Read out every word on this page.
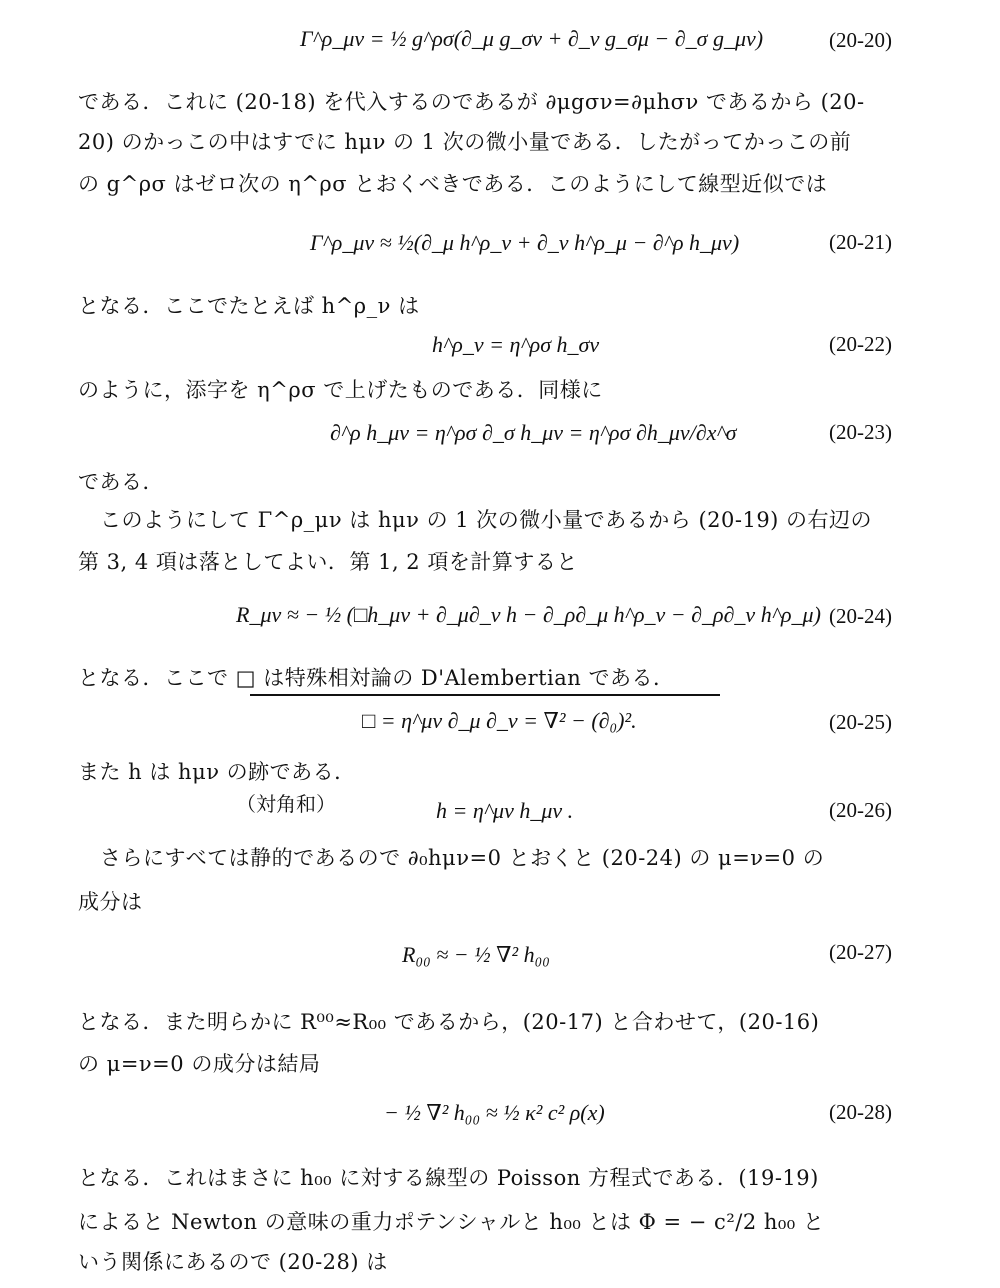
Γ^ρ_μν = ½ g^ρσ(∂_μ g_σν + ∂_ν g_σμ − ∂_σ g_μν)	(20-20)
である．これに (20-18) を代入するのであるが ∂μgσν=∂μhσν であるから (20-
20) のかっこの中はすでに hμν の 1 次の微小量である．したがってかっこの前
の g^ρσ はゼロ次の η^ρσ とおくべきである．このようにして線型近似では
Γ^ρ_μν ≈ ½(∂_μ h^ρ_ν + ∂_ν h^ρ_μ − ∂^ρ h_μν)	(20-21)
となる．ここでたとえば h^ρ_ν は
h^ρ_ν = η^ρσ h_σν	(20-22)
のように，添字を η^ρσ で上げたものである．同様に
∂^ρ h_μν = η^ρσ ∂_σ h_μν = η^ρσ ∂h_μν/∂x^σ	(20-23)
である．
このようにして Γ^ρ_μν は hμν の 1 次の微小量であるから (20-19) の右辺の
第 3, 4 項は落としてよい．第 1, 2 項を計算すると
R_μν ≈ − ½ (□h_μν + ∂_μ∂_ν h − ∂_ρ∂_μ h^ρ_ν − ∂_ρ∂_ν h^ρ_μ) (20-24)
となる．ここで □ は特殊相対論の D'Alembertian である．
□ = η^μν ∂_μ ∂_ν = ∇² − (∂₀)².	(20-25)
また h は hμν の跡である．
（対角和）	h = η^μν h_μν .	(20-26)
さらにすべては静的であるので ∂₀hμν=0 とおくと (20-24) の μ=ν=0 の
成分は
R₀₀ ≈ − ½ ∇² h₀₀	(20-27)
となる．また明らかに R⁰⁰≈R₀₀ であるから，(20-17) と合わせて，(20-16)
の μ=ν=0 の成分は結局
− ½ ∇² h₀₀ ≈ ½ κ² c² ρ(x)	(20-28)
となる．これはまさに h₀₀ に対する線型の Poisson 方程式である．(19-19)
によると Newton の意味の重力ポテンシャルと h₀₀ とは Φ = − c²/2 h₀₀ と
いう関係にあるので (20-28) は
